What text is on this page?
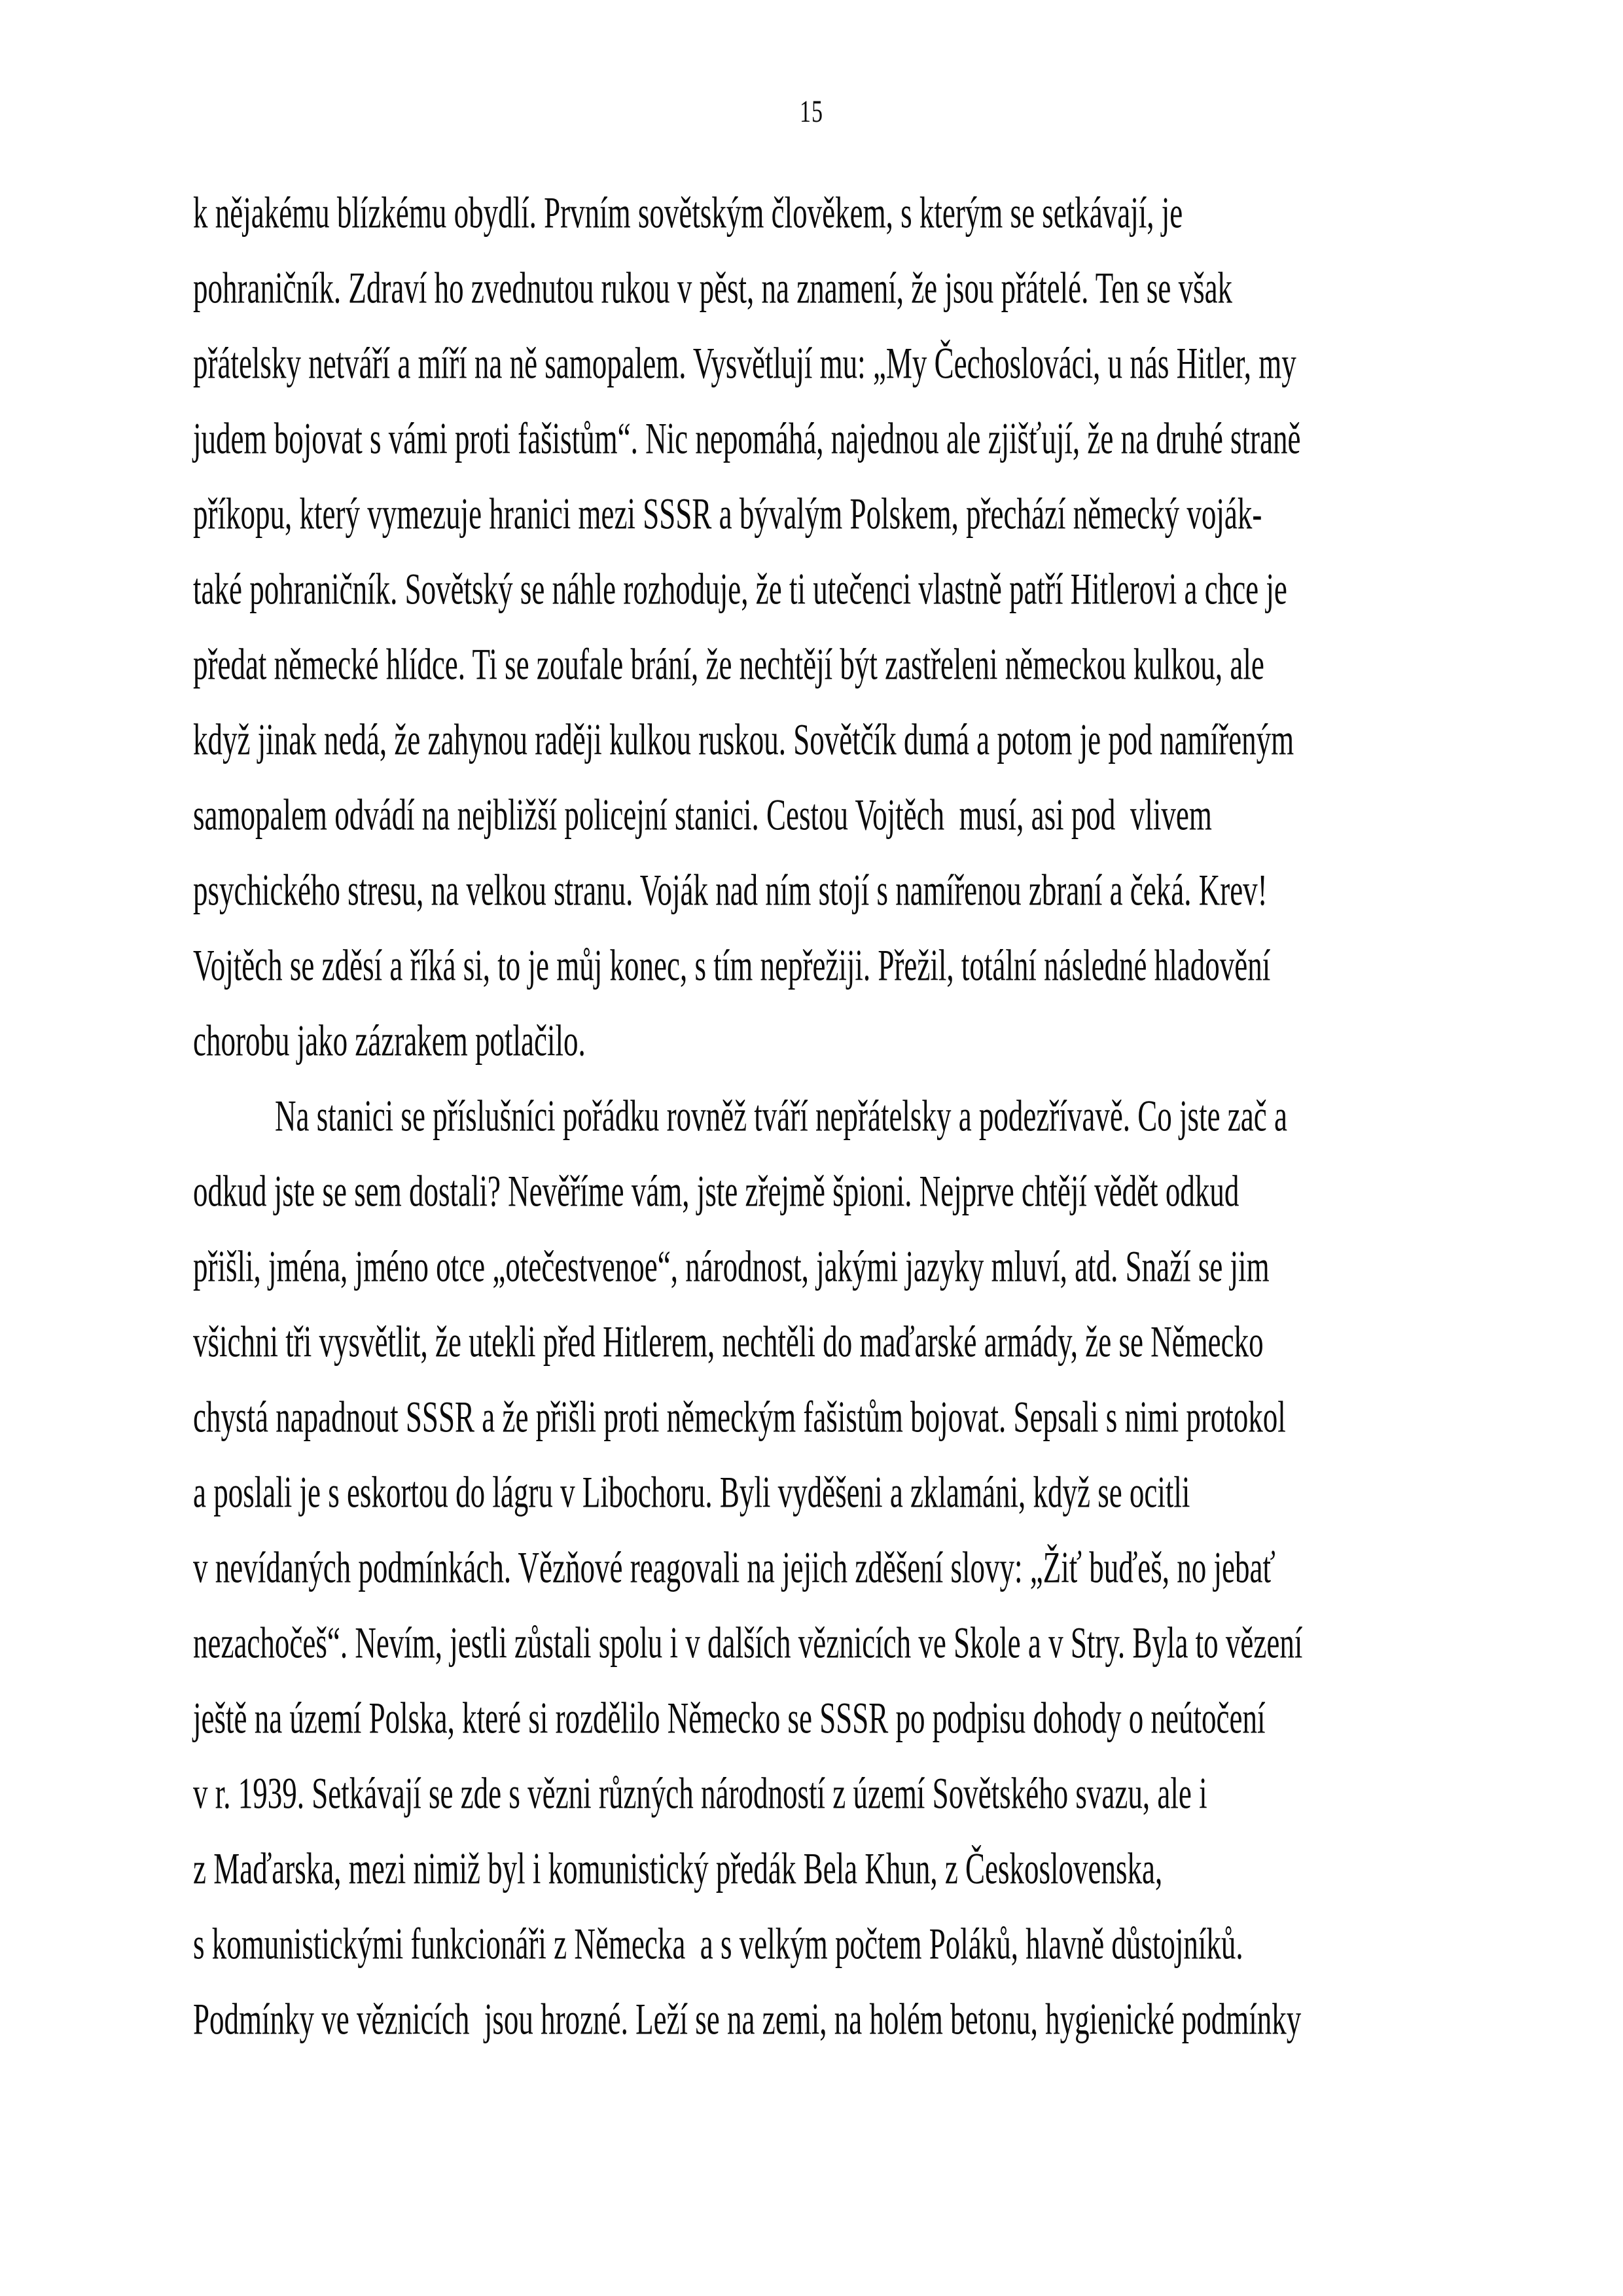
15
k nějakému blízkému obydlí. Prvním sovětským člověkem, s kterým se setkávají, je
pohraničník. Zdraví ho zvednutou rukou v pěst, na znamení, že jsou přátelé. Ten se však
přátelsky netváří a míří na ně samopalem. Vysvětlují mu: „My Čechoslováci, u nás Hitler, my
judem bojovat s vámi proti fašistům“. Nic nepomáhá, najednou ale zjišťují, že na druhé straně
příkopu, který vymezuje hranici mezi SSSR a bývalým Polskem, přechází německý voják-
také pohraničník. Sovětský se náhle rozhoduje, že ti utečenci vlastně patří Hitlerovi a chce je
předat německé hlídce. Ti se zoufale brání, že nechtějí být zastřeleni německou kulkou, ale
když jinak nedá, že zahynou raději kulkou ruskou. Sovětčík dumá a potom je pod namířeným
samopalem odvádí na nejbližší policejní stanici. Cestou Vojtěch  musí, asi pod  vlivem
psychického stresu, na velkou stranu. Voják nad ním stojí s namířenou zbraní a čeká. Krev!
Vojtěch se zděsí a říká si, to je můj konec, s tím nepřežiji. Přežil, totální následné hladovění
chorobu jako zázrakem potlačilo.
Na stanici se příslušníci pořádku rovněž tváří nepřátelsky a podezřívavě. Co jste zač a
odkud jste se sem dostali? Nevěříme vám, jste zřejmě špioni. Nejprve chtějí vědět odkud
přišli, jména, jméno otce „otečestvenoe“, národnost, jakými jazyky mluví, atd. Snaží se jim
všichni tři vysvětlit, že utekli před Hitlerem, nechtěli do maďarské armády, že se Německo
chystá napadnout SSSR a že přišli proti německým fašistům bojovat. Sepsali s nimi protokol
a poslali je s eskortou do lágru v Libochoru. Byli vyděšeni a zklamáni, když se ocitli
v nevídaných podmínkách. Vězňové reagovali na jejich zděšení slovy: „Žiť buďeš, no jebať
nezachočeš“. Nevím, jestli zůstali spolu i v dalších věznicích ve Skole a v Stry. Byla to vězení
ještě na území Polska, které si rozdělilo Německo se SSSR po podpisu dohody o neútočení
v r. 1939. Setkávají se zde s vězni různých národností z území Sovětského svazu, ale i
z Maďarska, mezi nimiž byl i komunistický předák Bela Khun, z Československa,
s komunistickými funkcionáři z Německa  a s velkým počtem Poláků, hlavně důstojníků.
Podmínky ve věznicích  jsou hrozné. Leží se na zemi, na holém betonu, hygienické podmínky
